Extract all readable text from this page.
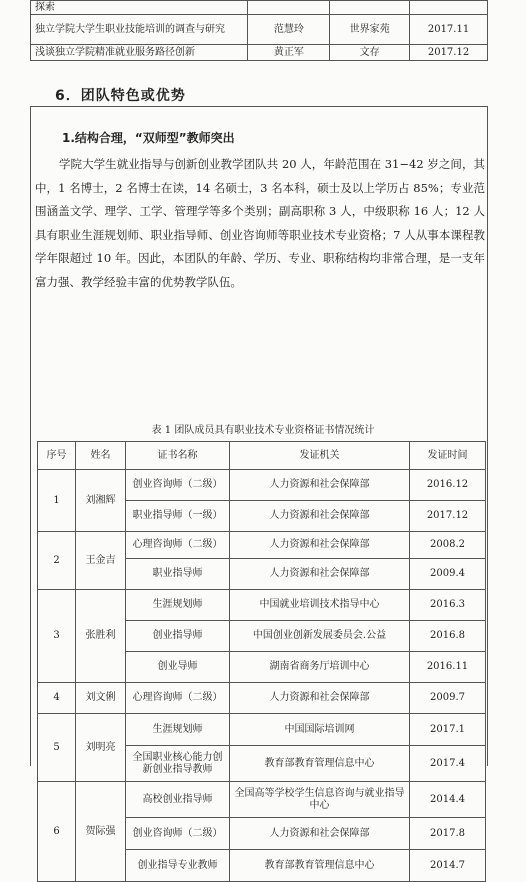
探索			
独立学院大学生职业技能培训的调查与研究	范慧玲	世界家苑	2017.11
浅谈独立学院精准就业服务路径创新	黄正军	文存	2017.12
6．团队特色或优势
1.结构合理，“双师型”教师突出
学院大学生就业指导与创新创业教学团队共 20 人，年龄范围在 31−42 岁之间，其中，1 名博士，2 名博士在读，14 名硕士，3 名本科，硕士及以上学历占 85%；专业范围涵盖文学、理学、工学、管理学等多个类别；副高职称 3 人，中级职称 16 人；12 人具有职业生涯规划师、职业指导师、创业咨询师等职业技术专业资格；7 人从事本课程教学年限超过 10 年。因此，本团队的年龄、学历、专业、职称结构均非常合理，是一支年富力强、教学经验丰富的优势教学队伍。
表 1 团队成员具有职业技术专业资格证书情况统计
序号	姓名	证书名称	发证机关	发证时间
1	刘湘辉	创业咨询师（二级）	人力资源和社会保障部	2016.12
		职业指导师（一级）	人力资源和社会保障部	2017.12
2	王金吉	心理咨询师（二级）	人力资源和社会保障部	2008.2
		职业指导师	人力资源和社会保障部	2009.4
3	张胜利	生涯规划师	中国就业培训技术指导中心	2016.3
		创业指导师	中国创业创新发展委员会.公益	2016.8
		创业导师	湖南省商务厅培训中心	2016.11
4	刘文俐	心理咨询师（二级）	人力资源和社会保障部	2009.7
5	刘明亮	生涯规划师	中国国际培训网	2017.1
		全国职业核心能力创新创业指导教师	教育部教育管理信息中心	2017.4
6	贺际强	高校创业指导师	全国高等学校学生信息咨询与就业指导中心	2014.4
		创业咨询师（二级）	人力资源和社会保障部	2017.8
		创业指导专业教师	教育部教育管理信息中心	2014.7
